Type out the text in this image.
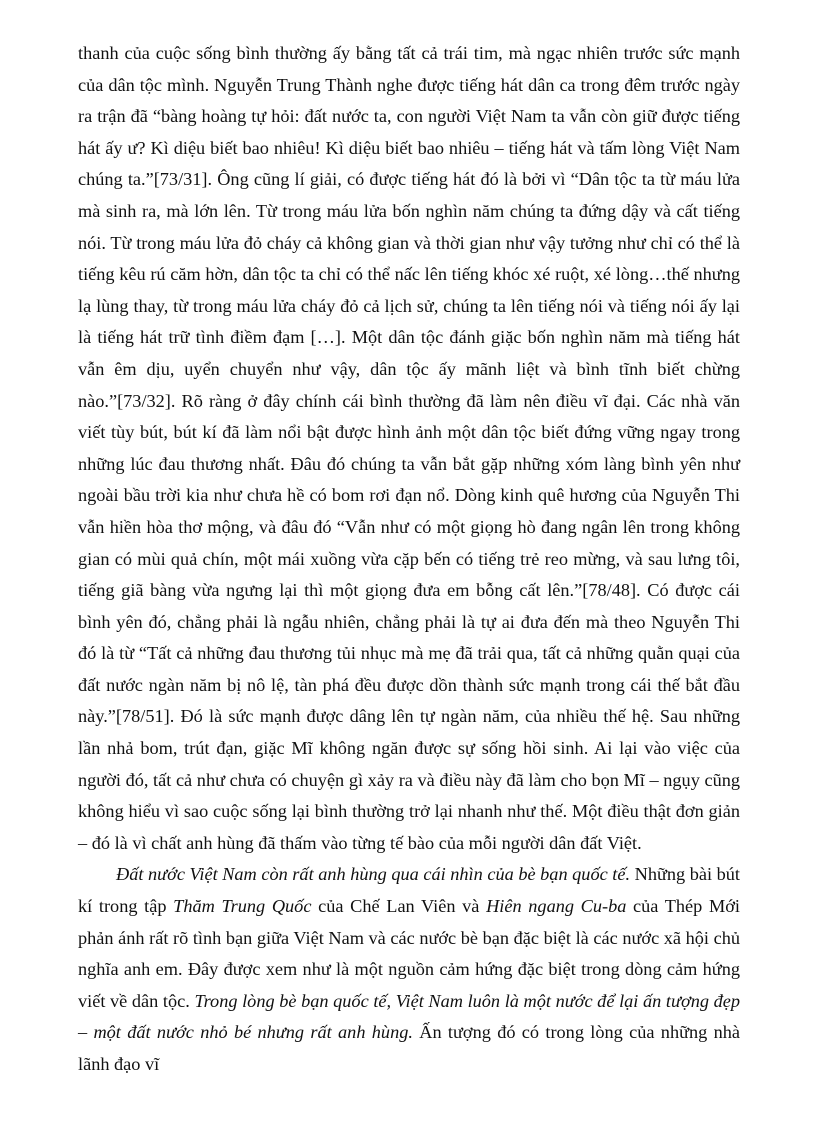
thanh của cuộc sống bình thường ấy bằng tất cả trái tim, mà ngạc nhiên trước sức mạnh của dân tộc mình. Nguyễn Trung Thành nghe được tiếng hát dân ca trong đêm trước ngày ra trận đã “bàng hoàng tự hỏi: đất nước ta, con người Việt Nam ta vẫn còn giữ được tiếng hát ấy ư? Kì diệu biết bao nhiêu! Kì diệu biết bao nhiêu – tiếng hát và tấm lòng Việt Nam chúng ta.”[73/31]. Ông cũng lí giải, có được tiếng hát đó là bởi vì “Dân tộc ta từ máu lửa mà sinh ra, mà lớn lên. Từ trong máu lửa bốn nghìn năm chúng ta đứng dậy và cất tiếng nói. Từ trong máu lửa đỏ cháy cả không gian và thời gian như vậy tưởng như chỉ có thể là tiếng kêu rú căm hờn, dân tộc ta chỉ có thể nấc lên tiếng khóc xé ruột, xé lòng…thế nhưng lạ lùng thay, từ trong máu lửa cháy đỏ cả lịch sử, chúng ta lên tiếng nói và tiếng nói ấy lại là tiếng hát trữ tình điềm đạm […]. Một dân tộc đánh giặc bốn nghìn năm mà tiếng hát vẫn êm dịu, uyển chuyển như vậy, dân tộc ấy mãnh liệt và bình tĩnh biết chừng nào.”[73/32]. Rõ ràng ở đây chính cái bình thường đã làm nên điều vĩ đại. Các nhà văn viết tùy bút, bút kí đã làm nổi bật được hình ảnh một dân tộc biết đứng vững ngay trong những lúc đau thương nhất. Đâu đó chúng ta vẫn bắt gặp những xóm làng bình yên như ngoài bầu trời kia như chưa hề có bom rơi đạn nổ. Dòng kinh quê hương của Nguyễn Thi vẫn hiền hòa thơ mộng, và đâu đó “Vẫn như có một giọng hò đang ngân lên trong không gian có mùi quả chín, một mái xuồng vừa cặp bến có tiếng trẻ reo mừng, và sau lưng tôi, tiếng giã bàng vừa ngưng lại thì một giọng đưa em bỗng cất lên.”[78/48]. Có được cái bình yên đó, chẳng phải là ngẫu nhiên, chẳng phải là tự ai đưa đến mà theo Nguyễn Thi đó là từ “Tất cả những đau thương tủi nhục mà mẹ đã trải qua, tất cả những quằn quại của đất nước ngàn năm bị nô lệ, tàn phá đều được dồn thành sức mạnh trong cái thế bắt đầu này.”[78/51]. Đó là sức mạnh được dâng lên tự ngàn năm, của nhiều thế hệ. Sau những lần nhả bom, trút đạn, giặc Mĩ không ngăn được sự sống hồi sinh. Ai lại vào việc của người đó, tất cả như chưa có chuyện gì xảy ra và điều này đã làm cho bọn Mĩ – ngụy cũng không hiểu vì sao cuộc sống lại bình thường trở lại nhanh như thế. Một điều thật đơn giản – đó là vì chất anh hùng đã thấm vào từng tế bào của mỗi người dân đất Việt.

Đất nước Việt Nam còn rất anh hùng qua cái nhìn của bè bạn quốc tế. Những bài bút kí trong tập Thăm Trung Quốc của Chế Lan Viên và Hiên ngang Cu-ba của Thép Mới phản ánh rất rõ tình bạn giữa Việt Nam và các nước bè bạn đặc biệt là các nước xã hội chủ nghĩa anh em. Đây được xem như là một nguồn cảm hứng đặc biệt trong dòng cảm hứng viết về dân tộc. Trong lòng bè bạn quốc tế, Việt Nam luôn là một nước để lại ấn tượng đẹp – một đất nước nhỏ bé nhưng rất anh hùng. Ấn tượng đó có trong lòng của những nhà lãnh đạo vĩ
